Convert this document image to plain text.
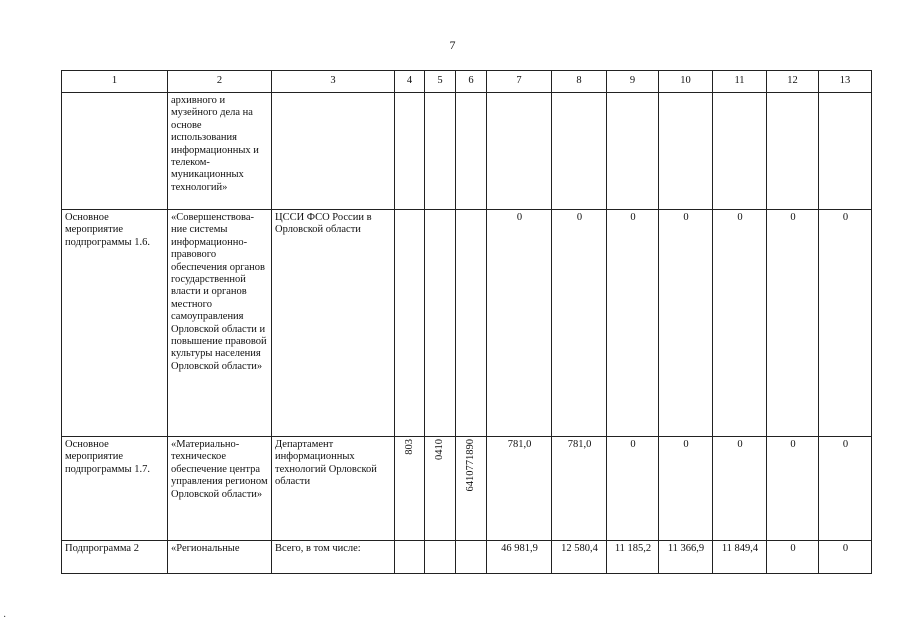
7
1	2	3	4	5	6	7	8	9	10	11	12	13
	архивного и музейного дела на основе использования информационных и телеком-муникационных технологий»											
Основное мероприятие подпрограммы 1.6.	«Совершенствова-ние системы информационно-правового обеспечения органов государственной власти и органов местного самоуправления Орловской области и повышение правовой культуры населения Орловской области»	ЦССИ ФСО России в Орловской области				0	0	0	0	0	0	0
Основное мероприятие подпрограммы 1.7.	«Материально-техническое обеспечение центра управления регионом Орловской области»	Департамент информационных технологий Орловской области	803	0410	6410771890	781,0	781,0	0	0	0	0	0
Подпрограмма 2	«Региональные	Всего, в том числе:				46 981,9	12 580,4	11 185,2	11 366,9	11 849,4	0	0
·
